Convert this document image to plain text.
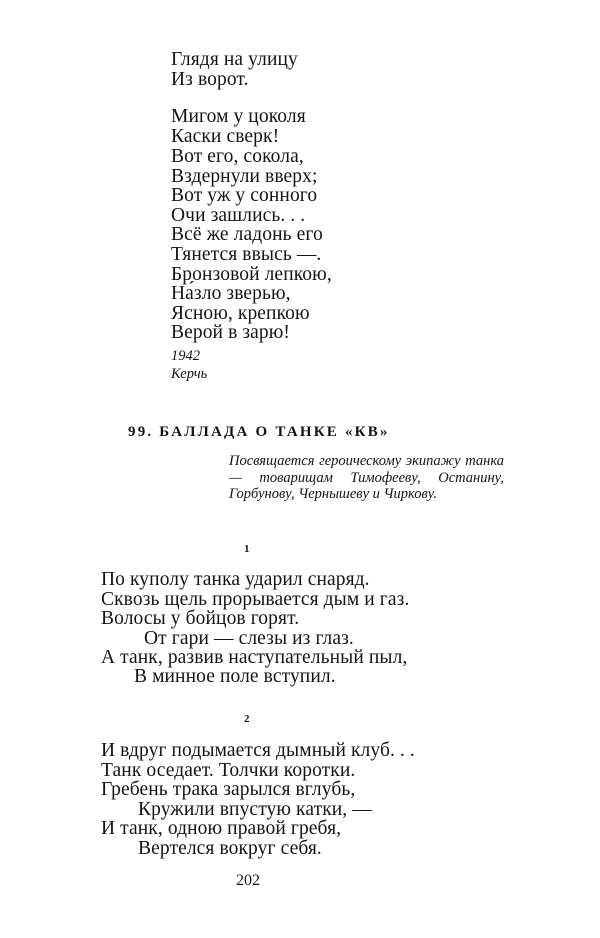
Глядя на улицу
Из ворот.
Мигом у цоколя
Каски сверк!
Вот его, сокола,
Вздернули вверх;
Вот уж у сонного
Очи зашлись. . .
Всё же ладонь его
Тянется ввысь —.
Бронзовой лепкою,
На́зло зверью,
Ясною, крепкою
Верой в зарю!
1942
Керчь
99. БАЛЛАДА О ТАНКЕ «КВ»
Посвящается героическому экипажу танка — товарищам Тимофееву, Останину, Горбунову, Чернышеву и Чиркову.
1
По куполу танка ударил снаряд.
Сквозь щель прорывается дым и газ.
Волосы у бойцов горят.
От гари — слезы из глаз.
А танк, развив наступательный пыл,
В минное поле вступил.
2
И вдруг подымается дымный клуб. . .
Танк оседает. Толчки коротки.
Гребень трака зарылся вглубь,
Кружили впустую катки, —
И танк, одною правой гребя,
Вертелся вокруг себя.
202
